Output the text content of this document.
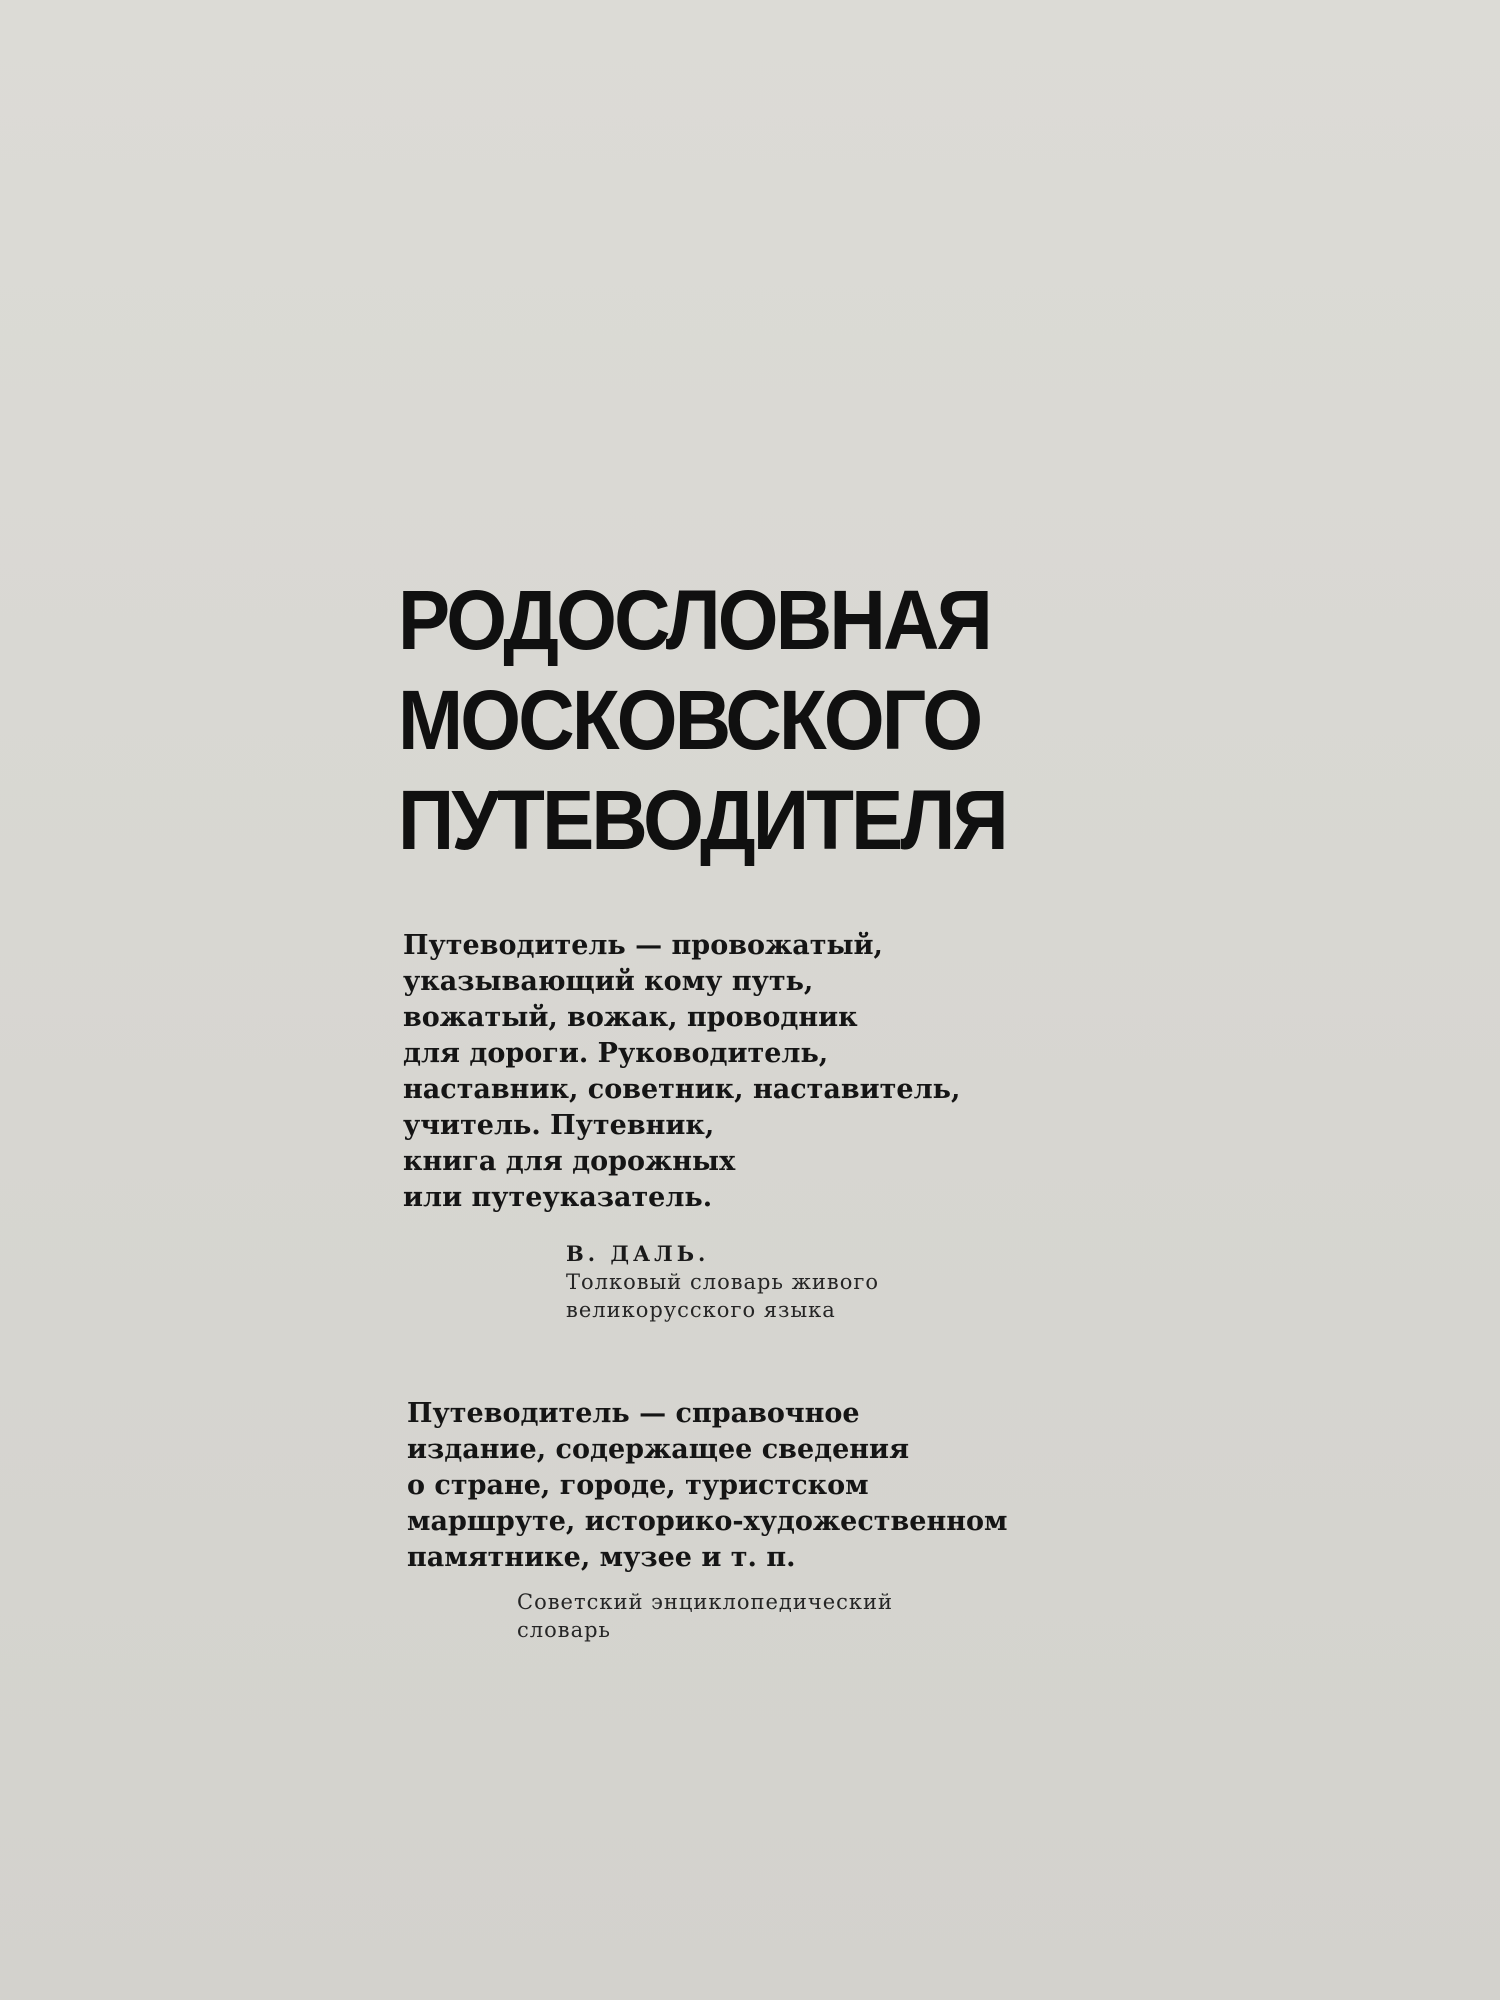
РОДОСЛОВНАЯ
МОСКОВСКОГО
ПУТЕВОДИТЕЛЯ
Путеводитель — провожатый,
указывающий кому путь,
вожатый, вожак, проводник
для дороги. Руководитель,
наставник, советник, наставитель,
учитель. Путевник,
книга для дорожных
или путеуказатель.
В. ДАЛЬ.
Толковый словарь живого
великорусского языка
Путеводитель — справочное
издание, содержащее сведения
о стране, городе, туристском
маршруте, историко-художественном
памятнике, музее и т. п.
Советский энциклопедический
словарь
